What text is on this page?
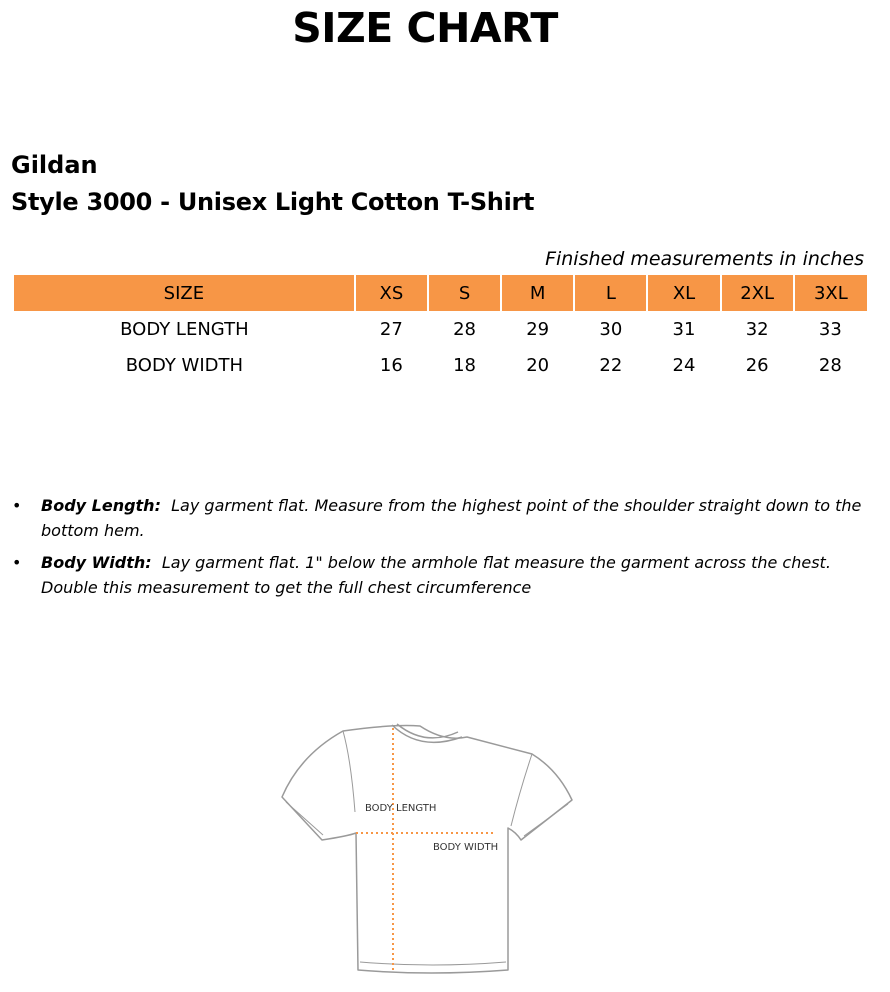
SIZE CHART
Gildan
Style 3000 - Unisex Light Cotton T-Shirt
Finished measurements in inches
SIZE	XS	S	M	L	XL	2XL	3XL
BODY LENGTH	27	28	29	30	31	32	33
BODY WIDTH	16	18	20	22	24	26	28
• Body Length: Lay garment flat. Measure from the highest point of the shoulder straight down to the bottom hem.
• Body Width: Lay garment flat. 1" below the armhole flat measure the garment across the chest. Double this measurement to get the full chest circumference
BODY LENGTH
BODY WIDTH
